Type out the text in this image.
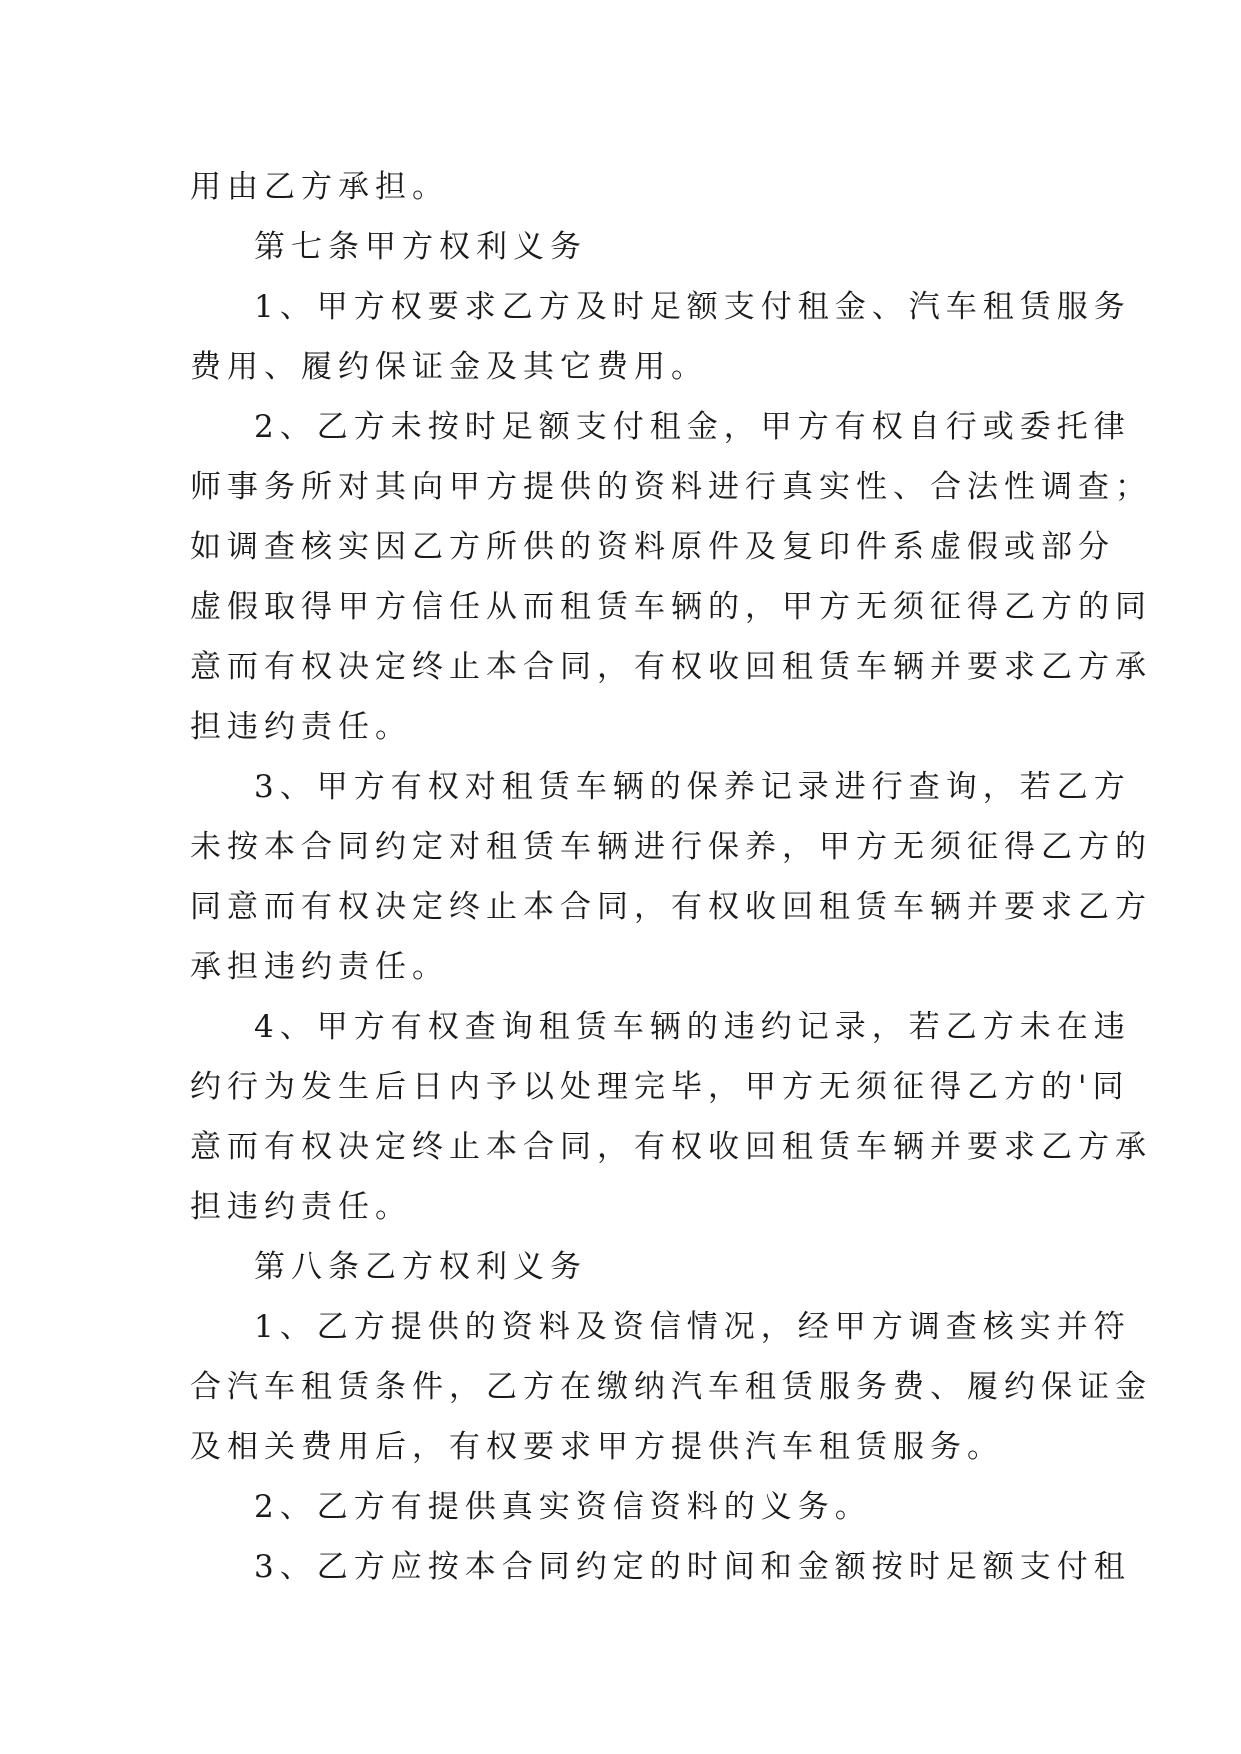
用由乙方承担。
第七条甲方权利义务
1、甲方权要求乙方及时足额支付租金、汽车租赁服务
费用、履约保证金及其它费用。
2、乙方未按时足额支付租金，甲方有权自行或委托律
师事务所对其向甲方提供的资料进行真实性、合法性调查；
如调查核实因乙方所供的资料原件及复印件系虚假或部分
虚假取得甲方信任从而租赁车辆的，甲方无须征得乙方的同
意而有权决定终止本合同，有权收回租赁车辆并要求乙方承
担违约责任。
3、甲方有权对租赁车辆的保养记录进行查询，若乙方
未按本合同约定对租赁车辆进行保养，甲方无须征得乙方的
同意而有权决定终止本合同，有权收回租赁车辆并要求乙方
承担违约责任。
4、甲方有权查询租赁车辆的违约记录，若乙方未在违
约行为发生后日内予以处理完毕，甲方无须征得乙方的'同
意而有权决定终止本合同，有权收回租赁车辆并要求乙方承
担违约责任。
第八条乙方权利义务
1、乙方提供的资料及资信情况，经甲方调查核实并符
合汽车租赁条件，乙方在缴纳汽车租赁服务费、履约保证金
及相关费用后，有权要求甲方提供汽车租赁服务。
2、乙方有提供真实资信资料的义务。
3、乙方应按本合同约定的时间和金额按时足额支付租
